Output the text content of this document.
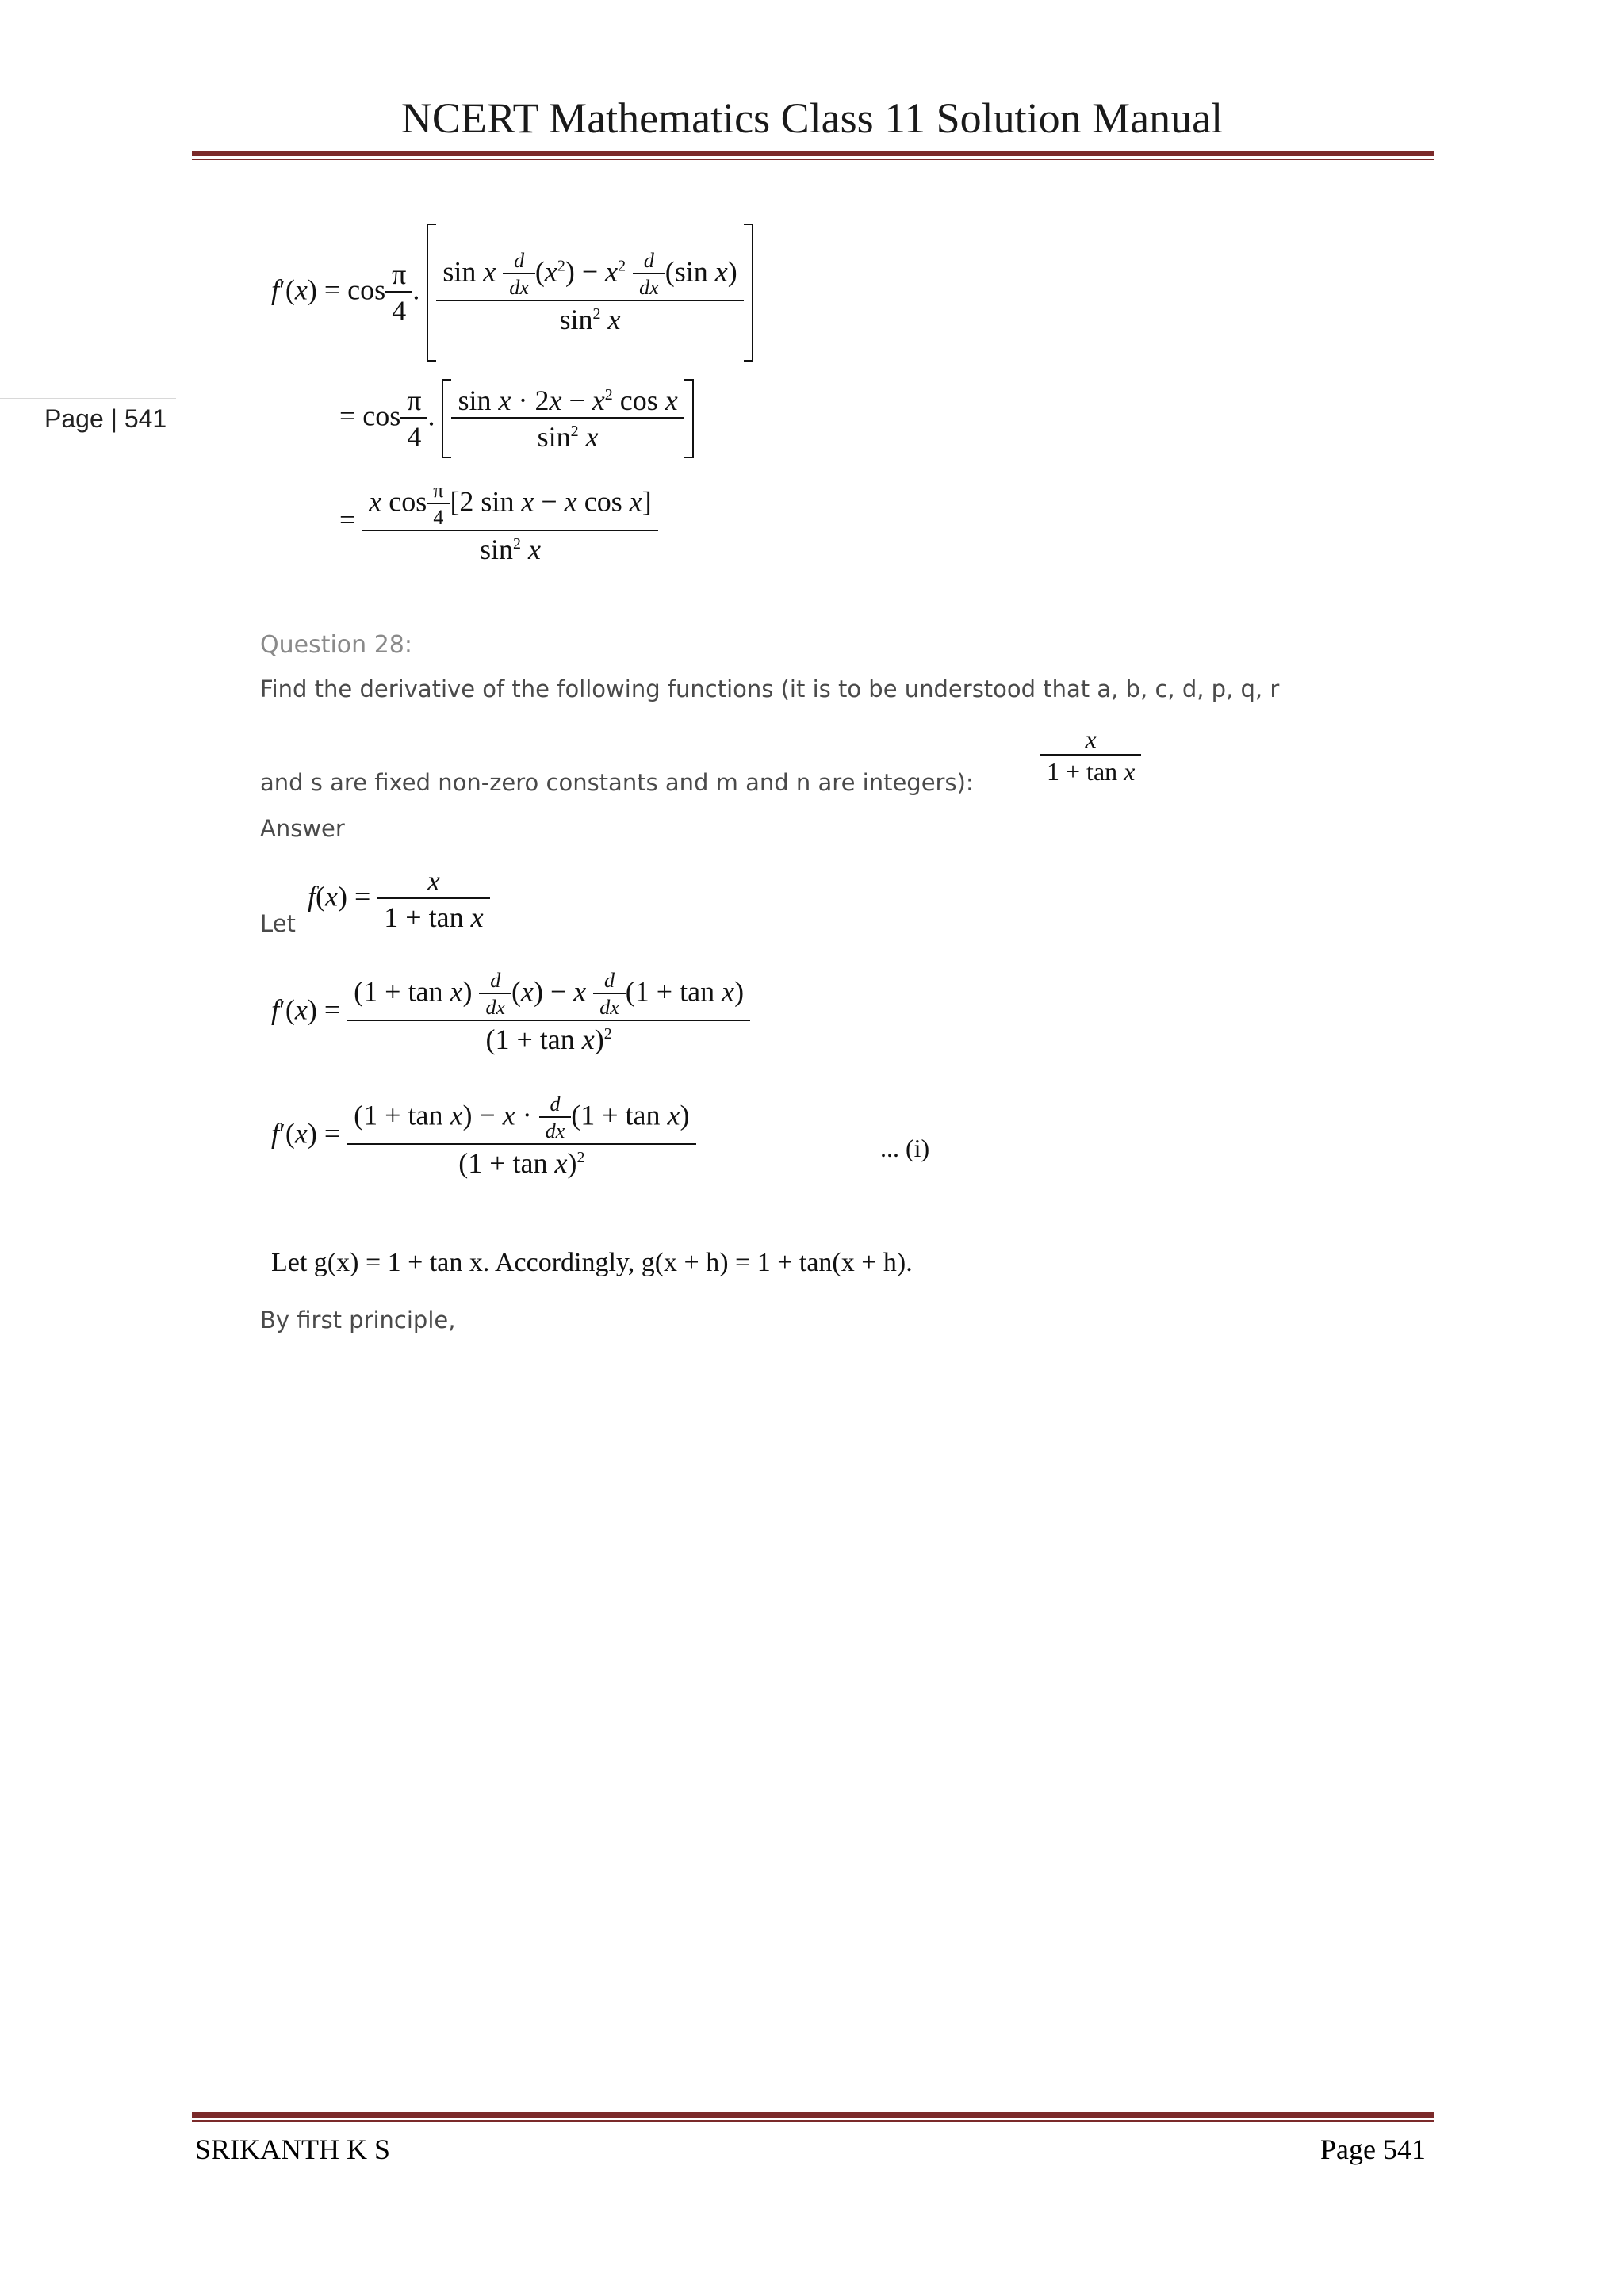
NCERT Mathematics Class 11 Solution Manual
Page | 541
$f'(x) = \cos \frac{\pi}{4}$ . $\frac{\sin x \frac{d}{dx} (x^2) - x^2 \frac{d}{dx} (\sin x)}{\sin^2 x}$
= $\cos \frac{\pi}{4}$ . $\frac{\sin x \cdot 2x - x^2 \cos x}{\sin^2 x}$
= $\frac{x \cos \frac{\pi}{4} [2 \sin x - x \cos x]}{\sin^2 x}$
Question 28:
Find the derivative of the following functions (it is to be understood that a, b, c, d, p, q, r
and s are fixed non-zero constants and m and n are integers):	$\frac{x}{\text{1 + tan x}}$
Answer
Let
$f(x) = \frac{x}{\text{1 + tan x}}$
$f'(x) = \frac{(1 + \tan x) \frac{d}{dx} (x) - x \frac{d}{dx} (1 + \tan x)}{(1 + \tan x)^2}$
$f'(x) = \frac{(1 + \tan x) - x \cdot \frac{d}{dx} (1 + \tan x)}{(1 + \tan x)^2}$	... (i)
Let g(x) = 1 + tan x. Accordingly, g(x + h) = 1 + tan(x + h).
By first principle,
SRIKANTH K S	Page 541
